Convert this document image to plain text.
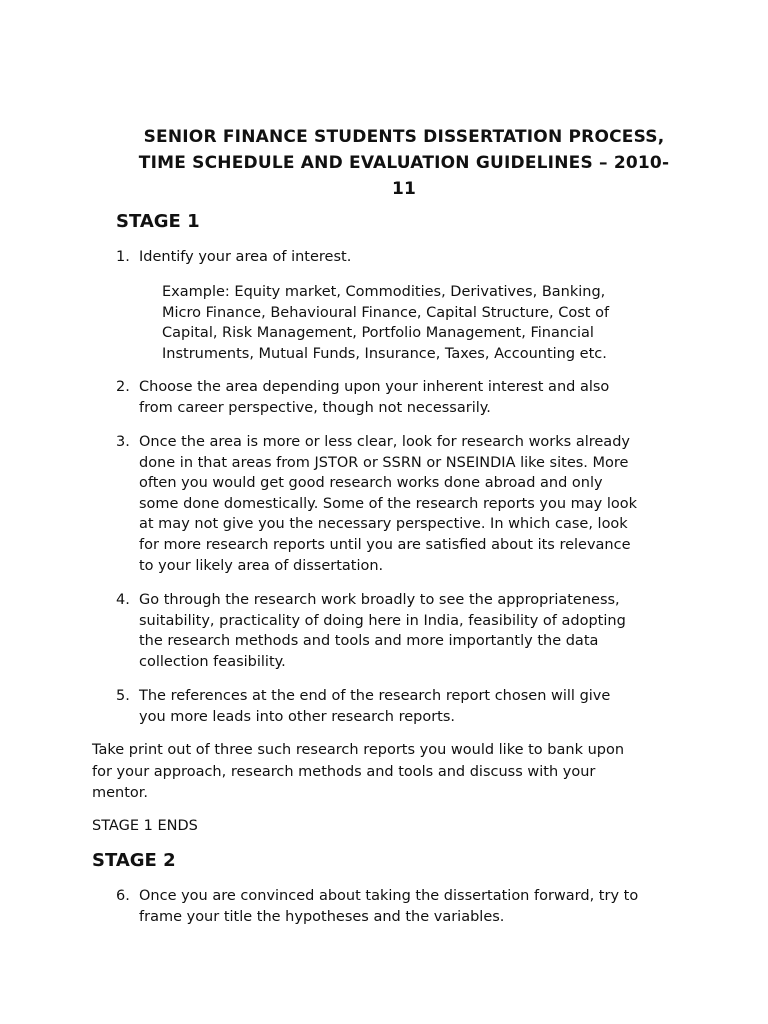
SENIOR FINANCE STUDENTS DISSERTATION PROCESS,
TIME SCHEDULE AND EVALUATION GUIDELINES – 2010-
11
STAGE 1
1. Identify your area of interest.
Example: Equity market, Commodities, Derivatives, Banking,
Micro Finance, Behavioural Finance, Capital Structure, Cost of
Capital, Risk Management, Portfolio Management, Financial
Instruments, Mutual Funds, Insurance, Taxes, Accounting etc.
2. Choose the area depending upon your inherent interest and also
from career perspective, though not necessarily.
3. Once the area is more or less clear, look for research works already
done in that areas from JSTOR or SSRN or NSEINDIA like sites. More
often you would get good research works done abroad and only
some done domestically. Some of the research reports you may look
at may not give you the necessary perspective. In which case, look
for more research reports until you are satisfied about its relevance
to your likely area of dissertation.
4. Go through the research work broadly to see the appropriateness,
suitability, practicality of doing here in India, feasibility of adopting
the research methods and tools and more importantly the data
collection feasibility.
5. The references at the end of the research report chosen will give
you more leads into other research reports.
Take print out of three such research reports you would like to bank upon
for your approach, research methods and tools and discuss with your
mentor.
STAGE 1 ENDS
STAGE 2
6. Once you are convinced about taking the dissertation forward, try to
frame your title the hypotheses and the variables.
